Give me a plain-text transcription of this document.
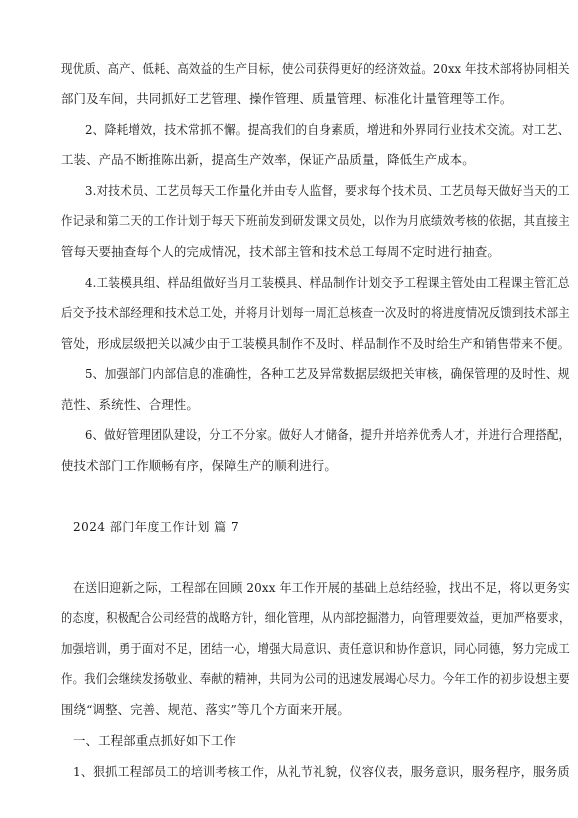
现优质、高产、低耗、高效益的生产目标，使公司获得更好的经济效益。20xx 年技术部将协同相关
部门及车间，共同抓好工艺管理、操作管理、质量管理、标准化计量管理等工作。
2、降耗增效，技术常抓不懈。提高我们的自身素质，增进和外界同行业技术交流。对工艺、
工装、产品不断推陈出新，提高生产效率，保证产品质量，降低生产成本。
3.对技术员、工艺员每天工作量化并由专人监督，要求每个技术员、工艺员每天做好当天的工
作记录和第二天的工作计划于每天下班前发到研发课文员处，以作为月底绩效考核的依据，其直接主
管每天要抽查每个人的完成情况，技术部主管和技术总工每周不定时进行抽查。
4.工装模具组、样品组做好当月工装模具、样品制作计划交予工程课主管处由工程课主管汇总
后交予技术部经理和技术总工处，并将月计划每一周汇总核查一次及时的将进度情况反馈到技术部主
管处，形成层级把关以减少由于工装模具制作不及时、样品制作不及时给生产和销售带来不便。
5、加强部门内部信息的准确性，各种工艺及异常数据层级把关审核，确保管理的及时性、规
范性、系统性、合理性。
6、做好管理团队建设，分工不分家。做好人才储备，提升并培养优秀人才，并进行合理搭配，
使技术部门工作顺畅有序，保障生产的顺利进行。
2024 部门年度工作计划 篇 7
在送旧迎新之际，工程部在回顾 20xx 年工作开展的基础上总结经验，找出不足，将以更务实
的态度，积极配合公司经营的战略方针，细化管理，从内部挖掘潜力，向管理要效益，更加严格要求，
加强培训，勇于面对不足，团结一心，增强大局意识、责任意识和协作意识，同心同德，努力完成工
作。我们会继续发扬敬业、奉献的精神，共同为公司的迅速发展竭心尽力。今年工作的初步设想主要
围绕“调整、完善、规范、落实”等几个方面来开展。
一、工程部重点抓好如下工作
1、狠抓工程部员工的培训考核工作，从礼节礼貌，仪容仪表，服务意识，服务程序，服务质
